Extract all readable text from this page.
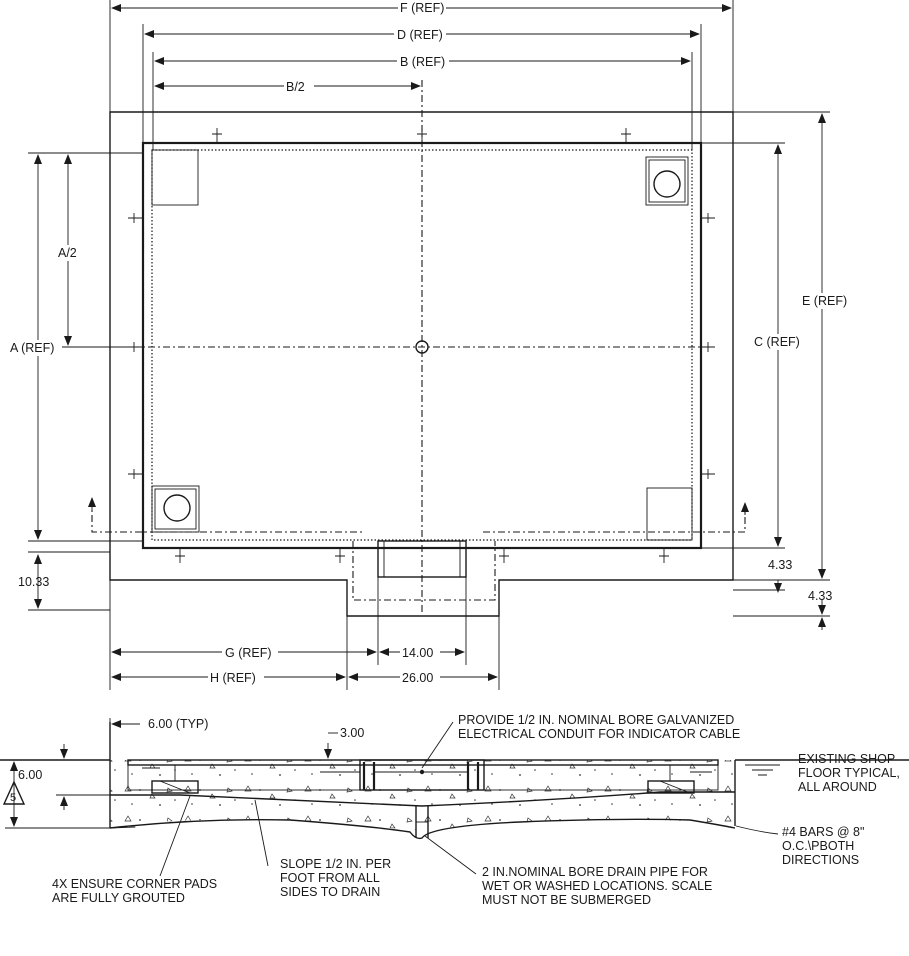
F (REF)
D (REF)
B (REF)
B/2
A/2
A (REF)	C (REF)
E (REF)
10.33
4.33
4.33
G (REF)	14.00
H (REF)	26.00
6.00 (TYP)
3.00
6.00
5
PROVIDE 1/2 IN. NOMINAL BORE GALVANIZED
ELECTRICAL CONDUIT FOR INDICATOR CABLE
EXISTING SHOP
FLOOR TYPICAL,
ALL AROUND
#4 BARS @ 8"
O.C.\PBOTH
DIRECTIONS
4X ENSURE CORNER PADS
ARE FULLY GROUTED
SLOPE 1/2 IN. PER
FOOT FROM ALL
SIDES TO DRAIN
2 IN.NOMINAL BORE DRAIN PIPE FOR
WET OR WASHED LOCATIONS. SCALE
MUST NOT BE SUBMERGED
